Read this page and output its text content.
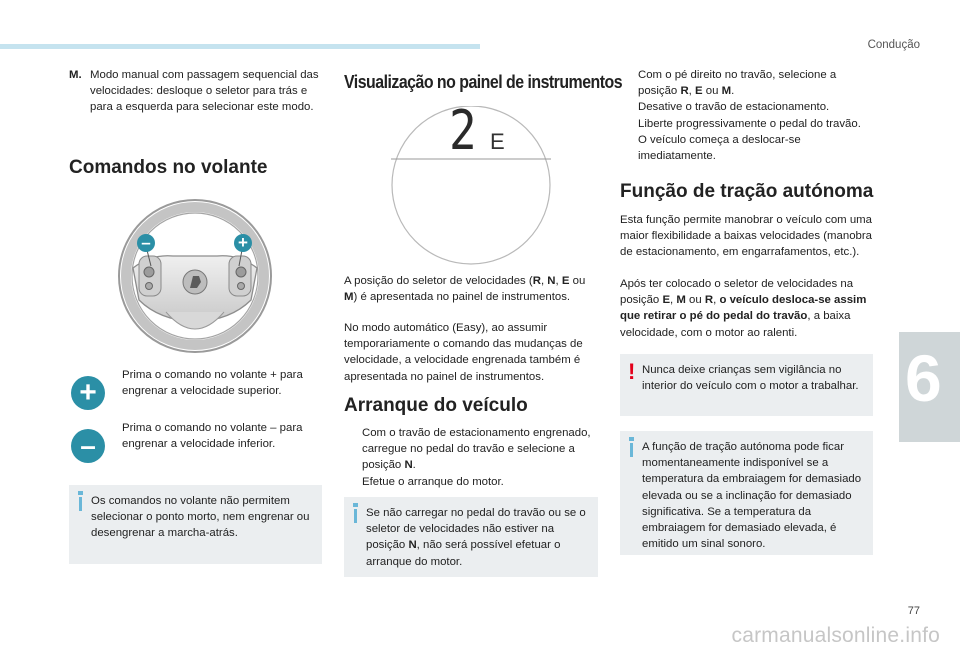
Condução
6
M. Modo manual com passagem sequencial das velocidades: desloque o seletor para trás e para a esquerda para selecionar este modo.
Comandos no volante
–	+
+
Prima o comando no volante + para engrenar a velocidade superior.
–
Prima o comando no volante – para engrenar a velocidade inferior.
Os comandos no volante não permitem selecionar o ponto morto, nem engrenar ou desengrenar a marcha-atrás.
Visualização no painel de instrumentos
2 E
A posição do seletor de velocidades (R, N, E ou M) é apresentada no painel de instrumentos.
No modo automático (Easy), ao assumir temporariamente o comando das mudanças de velocidade, a velocidade engrenada também é apresentada no painel de instrumentos.
Arranque do veículo
Com o travão de estacionamento engrenado, carregue no pedal do travão e selecione a posição N.
Efetue o arranque do motor.
Se não carregar no pedal do travão ou se o seletor de velocidades não estiver na posição N, não será possível efetuar o arranque do motor.
Com o pé direito no travão, selecione a posição R, E ou M.
Desative o travão de estacionamento.
Liberte progressivamente o pedal do travão. O veículo começa a deslocar-se imediatamente.
Função de tração autónoma
Esta função permite manobrar o veículo com uma maior flexibilidade a baixas velocidades (manobra de estacionamento, em engarrafamentos, etc.).
Após ter colocado o seletor de velocidades na posição E, M ou R, o veículo desloca-se assim que retirar o pé do pedal do travão, a baixa velocidade, com o motor ao ralenti.
! Nunca deixe crianças sem vigilância no interior do veículo com o motor a trabalhar.
A função de tração autónoma pode ficar momentaneamente indisponível se a temperatura da embraiagem for demasiado elevada ou se a inclinação for demasiado significativa. Se a temperatura da embraiagem for demasiado elevada, é emitido um sinal sonoro.
77
carmanualsonline.info
